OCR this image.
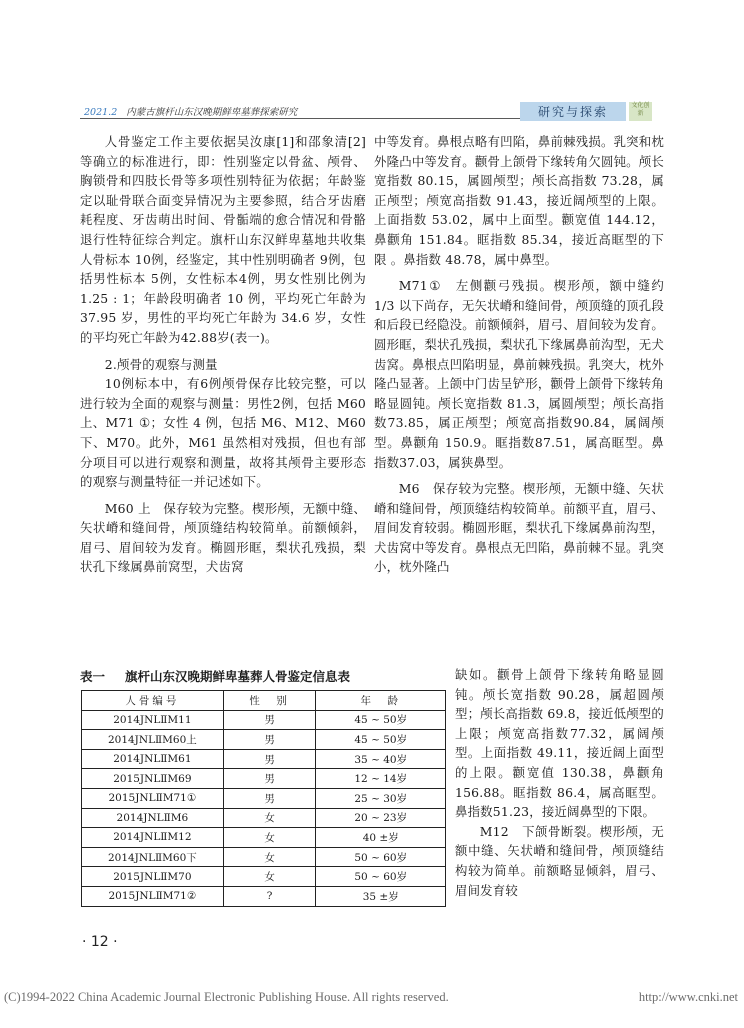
2021.2 内蒙古旗杆山东汉晚期鲜卑墓葬探索研究	研究与探索	文化创新

人骨鉴定工作主要依据吴汝康[1]和邵象清[2] 等确立的标准进行，即：性别鉴定以骨盆、颅骨、胸锁骨和四肢长骨等多项性别特征为依据；年龄鉴定以耻骨联合面变异情况为主要参照，结合牙齿磨耗程度、牙齿萌出时间、骨骺端的愈合情况和骨骼退行性特征综合判定。旗杆山东汉鲜卑墓地共收集人骨标本 10例，经鉴定，其中性别明确者 9例，包括男性标本 5例，女性标本4例，男女性别比例为 1.25 : 1；年龄段明确者 10 例，平均死亡年龄为 37.95 岁，男性的平均死亡年龄为 34.6 岁，女性的平均死亡年龄为42.88岁(表一)。

2.颅骨的观察与测量

10例标本中，有6例颅骨保存比较完整，可以进行较为全面的观察与测量：男性2例，包括 M60 上、M71 ①；女性 4 例，包括 M6、M12、M60 下、M70。此外，M61 虽然相对残损，但也有部分项目可以进行观察和测量，故将其颅骨主要形态的观察与测量特征一并记述如下。

M60 上　保存较为完整。楔形颅，无额中缝、矢状嵴和缝间骨，颅顶缝结构较简单。前额倾斜，眉弓、眉间较为发育。椭圆形眶，梨状孔残损，梨状孔下缘属鼻前窝型，犬齿窝

中等发育。鼻根点略有凹陷，鼻前棘残损。乳突和枕外隆凸中等发育。颧骨上颌骨下缘转角欠圆钝。颅长宽指数 80.15，属圆颅型；颅长高指数 73.28，属正颅型；颅宽高指数 91.43，接近阔颅型的上限。上面指数 53.02，属中上面型。颧宽值 144.12，鼻颧角 151.84。眶指数 85.34，接近高眶型的下限 。鼻指数 48.78，属中鼻型。

M71①　左侧颧弓残损。楔形颅，额中缝约 1/3 以下尚存，无矢状嵴和缝间骨，颅顶缝的顶孔段和后段已经隐没。前额倾斜，眉弓、眉间较为发育。圆形眶，梨状孔残损，梨状孔下缘属鼻前沟型，无犬齿窝。鼻根点凹陷明显，鼻前棘残损。乳突大，枕外隆凸显著。上颌中门齿呈铲形，颧骨上颌骨下缘转角略显圆钝。颅长宽指数 81.3，属圆颅型；颅长高指数73.85，属正颅型；颅宽高指数90.84，属阔颅型。鼻颧角 150.9。眶指数87.51，属高眶型。鼻指数37.03，属狭鼻型。

M6　保存较为完整。楔形颅，无额中缝、矢状嵴和缝间骨，颅顶缝结构较简单。前额平直，眉弓、眉间发育较弱。椭圆形眶，梨状孔下缘属鼻前沟型，犬齿窝中等发育。鼻根点无凹陷，鼻前棘不显。乳突小，枕外隆凸

表一 旗杆山东汉晚期鲜卑墓葬人骨鉴定信息表
人骨编号	性　别	年　龄
2014JNLⅡM11	男	45 ~ 50岁
2014JNLⅡM60上	男	45 ~ 50岁
2014JNLⅡM61	男	35 ~ 40岁
2015JNLⅡM69	男	12 ~ 14岁
2015JNLⅡM71①	男	25 ~ 30岁
2014JNLⅡM6	女	20 ~ 23岁
2014JNLⅡM12	女	40 ±岁
2014JNLⅡM60下	女	50 ~ 60岁
2015JNLⅡM70	女	50 ~ 60岁
2015JNLⅡM71②	?	35 ±岁

缺如。颧骨上颌骨下缘转角略显圆钝。颅长宽指数 90.28，属超圆颅型；颅长高指数 69.8，接近低颅型的上限；颅宽高指数77.32，属阔颅型。上面指数 49.11，接近阔上面型的上限。颧宽值 130.38，鼻颧角 156.88。眶指数 86.4，属高眶型。鼻指数51.23，接近阔鼻型的下限。

M12　下颌骨断裂。楔形颅，无额中缝、矢状嵴和缝间骨，颅顶缝结构较为简单。前额略显倾斜，眉弓、眉间发育较

· 12 ·
(C)1994-2022 China Academic Journal Electronic Publishing House. All rights reserved.	http://www.cnki.net
